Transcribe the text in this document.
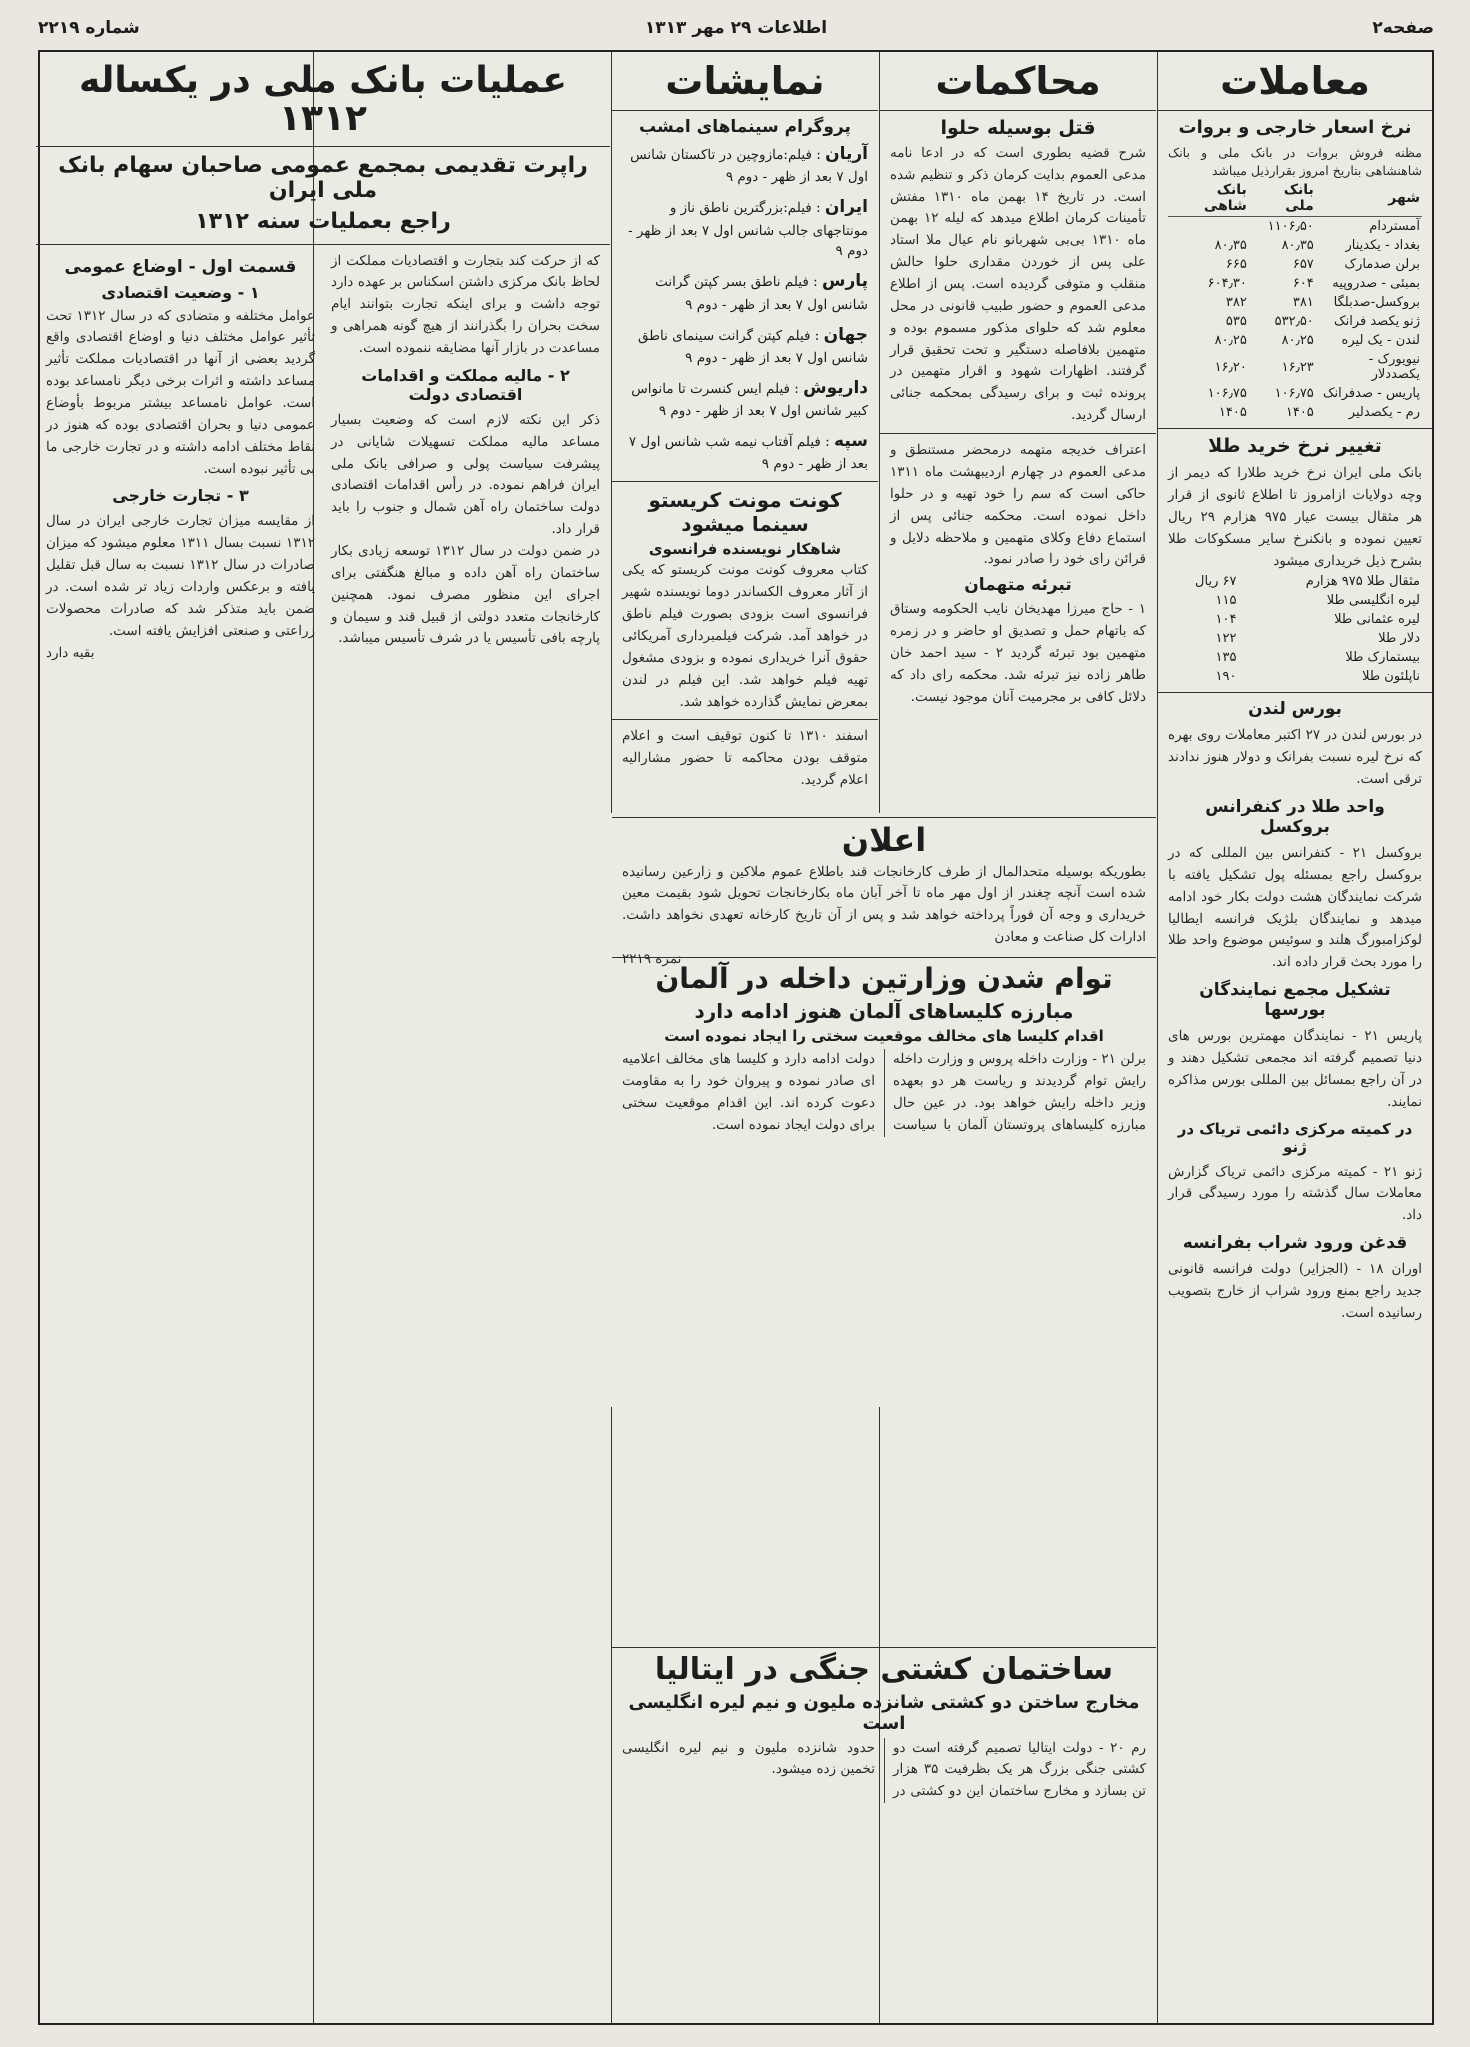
صفحه۲
اطلاعات ۲۹ مهر ۱۳۱۳
شماره ۲۲۱۹
معاملات
نرخ اسعار خارجی و بروات
مظنه فروش بروات در بانک ملی و بانک شاهنشاهی بتاریخ امروز بقرارذیل میباشد
شهر	بانک ملی	بانک شاهی
آمستردام	۱۱۰۶٫۵۰	
بغداد - یکدینار	۸۰٫۳۵	۸۰٫۳۵
برلن صدمارک	۶۵۷	۶۶۵
بمبئی - صدروپیه	۶۰۴	۶۰۴٫۳۰
بروکسل-صدبلگا	۳۸۱	۳۸۲
ژنو یکصد فرانک	۵۳۲٫۵۰	۵۳۵
لندن - یک لیره	۸۰٫۲۵	۸۰٫۲۵
نیویورک - یکصددلار	۱۶٫۲۳	۱۶٫۲۰
پاریس - صدفرانک	۱۰۶٫۷۵	۱۰۶٫۷۵
رم - یکصدلیر	۱۴۰۵	۱۴۰۵
تغییر نرخ خرید طلا
بانک ملی ایران نرخ خرید طلارا که دیمر از وچه دولایات ازامروز تا اطلاع ثانوی از قرار هر مثقال بیست عیار ۹۷۵ هزارم ۲۹ ریال تعیین نموده و بانکنرخ سایر مسکوکات طلا بشرح ذیل خریداری میشود
مثقال طلا ۹۷۵ هزارم	۶۷ ریال
لیره انگلیسی طلا	۱۱۵
لیره عثمانی طلا	۱۰۴
دلار طلا	۱۲۲
بیستمارک طلا	۱۳۵
ناپلئون طلا	۱۹۰
بورس لندن
در بورس لندن در ۲۷ اکتبر معاملات روی بهره که نرخ لیره نسبت بفرانک و دولار هنوز ندادند ترقی است.
واحد طلا در کنفرانس بروکسل
بروکسل ۲۱ - کنفرانس بین المللی که در بروکسل راجع بمسئله پول تشکیل یافته با شرکت نمایندگان هشت دولت بکار خود ادامه میدهد و نمایندگان بلژیک فرانسه ایطالیا لوکزامبورگ هلند و سوئیس موضوع واحد طلا را مورد بحث قرار داده اند.
تشکیل مجمع نمایندگان بورسها
پاریس ۲۱ - نمایندگان مهمترین بورس های دنیا تصمیم گرفته اند مجمعی تشکیل دهند و در آن راجع بمسائل بین المللی بورس مذاکره نمایند.
در کمیته مرکزی دائمی تریاک در ژنو
ژنو ۲۱ - کمیته مرکزی دائمی تریاک گزارش معاملات سال گذشته را مورد رسیدگی قرار داد.
قدغن ورود شراب بفرانسه
اوران ۱۸ - (الجزایر) دولت فرانسه قانونی جدید راجع بمنع ورود شراب از خارج بتصویب رسانیده است.
محاکمات
قتل بوسیله حلوا
شرح قضیه بطوری است که در ادعا نامه مدعی العموم بدایت کرمان ذکر و تنظیم شده است. در تاریخ ۱۴ بهمن ماه ۱۳۱۰ مفتش تأمینات کرمان اطلاع میدهد که لیله ۱۲ بهمن ماه ۱۳۱۰ بی‌بی شهربانو نام عیال ملا استاد علی پس از خوردن مقداری حلوا حالش منقلب و متوفی گردیده است. پس از اطلاع مدعی العموم و حضور طبیب قانونی در محل معلوم شد که حلوای مذکور مسموم بوده و متهمین بلافاصله دستگیر و تحت تحقیق قرار گرفتند. اظهارات شهود و اقرار متهمین در پرونده ثبت و برای رسیدگی بمحکمه جنائی ارسال گردید.
اعتراف خدیجه متهمه درمحضر مستنطق و مدعی العموم در چهارم اردیبهشت ماه ۱۳۱۱ حاکی است که سم را خود تهیه و در حلوا داخل نموده است. محکمه جنائی پس از استماع دفاع وکلای متهمین و ملاحظه دلایل و قرائن رای خود را صادر نمود.
تبرئه متهمان
۱ - حاج میرزا مهدیخان نایب الحکومه وستاق که باتهام حمل و تصدیق او حاضر و در زمره متهمین بود تبرئه گردید ۲ - سید احمد خان طاهر زاده نیز تبرئه شد. محکمه رای داد که دلائل کافی بر مجرمیت آنان موجود نیست.
نمایشات
پروگرام سینماهای امشب
آریان : فیلم:مازوچین در تاکستان شانس اول ۷ بعد از ظهر - دوم ۹
ایران : فیلم:بزرگترین ناطق ناز و مونتاجهای جالب شانس اول ۷ بعد از ظهر - دوم ۹
پارس : فیلم ناطق بسر کپتن گرانت شانس اول ۷ بعد از ظهر - دوم ۹
جهان : فیلم کپتن گرانت سینمای ناطق شانس اول ۷ بعد از ظهر - دوم ۹
داریوش : فیلم ایس کنسرت تا مانواس کبیر شانس اول ۷ بعد از ظهر - دوم ۹
سپه : فیلم آفتاب نیمه شب شانس اول ۷ بعد از ظهر - دوم ۹
کونت مونت کریستو سینما میشود
شاهکار نویسنده فرانسوی
کتاب معروف کونت مونت کریستو که یکی از آثار معروف الکساندر دوما نویسنده شهیر فرانسوی است بزودی بصورت فیلم ناطق در خواهد آمد. شرکت فیلمبرداری آمریکائی حقوق آنرا خریداری نموده و بزودی مشغول تهیه فیلم خواهد شد. این فیلم در لندن بمعرض نمایش گذارده خواهد شد.
اسفند ۱۳۱۰ تا کنون توقیف است و اعلام متوقف بودن محاکمه تا حضور مشارالیه اعلام گردید.
اعلان
بطوریکه بوسیله متحدالمال از طرف کارخانجات قند باطلاع عموم ملاکین و زارعین رسانیده شده است آنچه چغندر از اول مهر ماه تا آخر آبان ماه بکارخانجات تحویل شود بقیمت معین خریداری و وجه آن فوراً پرداخته خواهد شد و پس از آن تاریخ کارخانه تعهدی نخواهد داشت. ادارات کل صناعت و معادن
نمره ۲۲۱۹
توام شدن وزارتین داخله در آلمان
مبارزه کلیساهای آلمان هنوز ادامه دارد
اقدام کلیسا های مخالف موقعیت سختی را ایجاد نموده است
برلن ۲۱ - وزارت داخله پروس و وزارت داخله رایش توام گردیدند و ریاست هر دو بعهده وزیر داخله رایش خواهد بود. در عین حال مبارزه کلیساهای پروتستان آلمان با سیاست دولت ادامه دارد و کلیسا های مخالف اعلامیه ای صادر نموده و پیروان خود را به مقاومت دعوت کرده اند. این اقدام موقعیت سختی برای دولت ایجاد نموده است.
ساختمان کشتی جنگی در ایتالیا
مخارج ساختن دو کشتی شانزده ملیون و نیم لیره انگلیسی است
رم ۲۰ - دولت ایتالیا تصمیم گرفته است دو کشتی جنگی بزرگ هر یک بظرفیت ۳۵ هزار تن بسازد و مخارج ساختمان این دو کشتی در حدود شانزده ملیون و نیم لیره انگلیسی تخمین زده میشود.
عملیات بانک ملی در یکساله ۱۳۱۲
راپرت تقدیمی بمجمع عمومی صاحبان سهام بانک ملی ایران
راجع بعملیات سنه ۱۳۱۲
که از حرکت کند بتجارت و اقتصادیات مملکت از لحاظ بانک مرکزی داشتن اسکناس بر عهده دارد توجه داشت و برای اینکه تجارت بتوانند ایام سخت بحران را بگذرانند از هیچ گونه همراهی و مساعدت در بازار آنها مضایقه ننموده است.
۲ - مالیه مملکت و اقدامات اقتصادی دولت
ذکر این نکته لازم است که وضعیت بسیار مساعد مالیه مملکت تسهیلات شایانی در پیشرفت سیاست پولی و صرافی بانک ملی ایران فراهم نموده. در رأس اقدامات اقتصادی دولت ساختمان راه آهن شمال و جنوب را باید قرار داد.
در ضمن دولت در سال ۱۳۱۲ توسعه زیادی بکار ساختمان راه آهن داده و مبالغ هنگفتی برای اجرای این منظور مصرف نمود. همچنین کارخانجات متعدد دولتی از قبیل قند و سیمان و پارچه بافی تأسیس یا در شرف تأسیس میباشد.
قسمت اول - اوضاع عمومی
۱ - وضعیت اقتصادی
عوامل مختلفه و متضادی که در سال ۱۳۱۲ تحت تأثیر عوامل مختلف دنیا و اوضاع اقتصادی واقع گردید بعضی از آنها در اقتصادیات مملکت تأثیر مساعد داشته و اثرات برخی دیگر نامساعد بوده است. عوامل نامساعد بیشتر مربوط بأوضاع عمومی دنیا و بحران اقتصادی بوده که هنوز در نقاط مختلف ادامه داشته و در تجارت خارجی ما بی تأثیر نبوده است.
۳ - تجارت خارجی
از مقایسه میزان تجارت خارجی ایران در سال ۱۳۱۲ نسبت بسال ۱۳۱۱ معلوم میشود که میزان صادرات در سال ۱۳۱۲ نسبت به سال قبل تقلیل یافته و برعکس واردات زیاد تر شده است. در ضمن باید متذکر شد که صادرات محصولات زراعتی و صنعتی افزایش یافته است.
بقیه دارد
